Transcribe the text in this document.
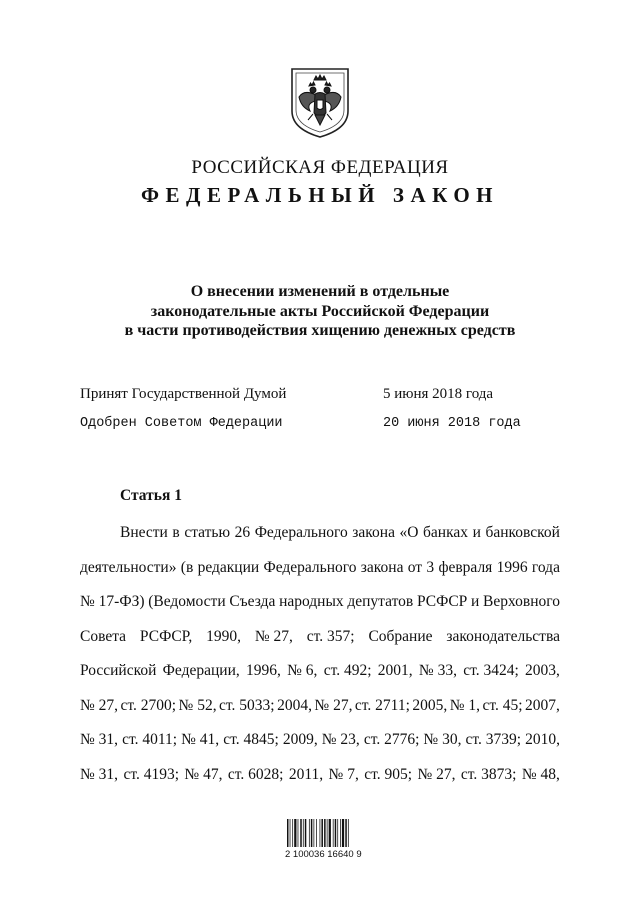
РОССИЙСКАЯ ФЕДЕРАЦИЯ
ФЕДЕРАЛЬНЫЙ ЗАКОН
О внесении изменений в отдельные
законодательные акты Российской Федерации
в части противодействия хищению денежных средств
Принят Государственной Думой	5 июня 2018 года
Одобрен Советом Федерации	20 июня 2018 года
Статья 1
Внести в статью 26 Федерального закона «О банках и банковской
деятельности» (в редакции Федерального закона от 3 февраля 1996 года
№ 17-ФЗ) (Ведомости Съезда народных депутатов РСФСР и Верховного
Совета РСФСР, 1990, № 27, ст. 357; Собрание законодательства
Российской Федерации, 1996, № 6, ст. 492; 2001, № 33, ст. 3424; 2003,
№ 27, ст. 2700; № 52, ст. 5033; 2004, № 27, ст. 2711; 2005, № 1, ст. 45; 2007,
№ 31, ст. 4011; № 41, ст. 4845; 2009, № 23, ст. 2776; № 30, ст. 3739; 2010,
№ 31, ст. 4193; № 47, ст. 6028; 2011, № 7, ст. 905; № 27, ст. 3873; № 48,
2 100036 16640 9
